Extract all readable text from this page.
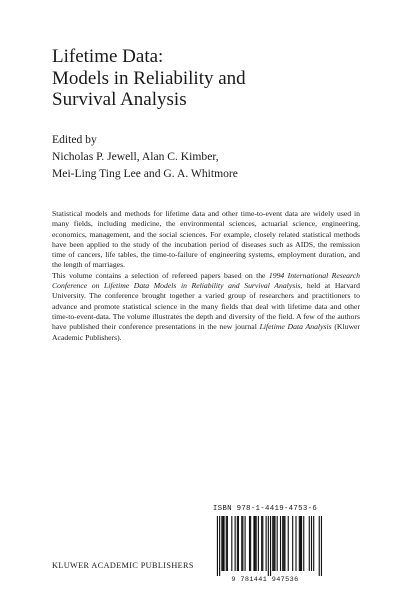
Lifetime Data:
Models in Reliability and
Survival Analysis
Edited by
Nicholas P. Jewell, Alan C. Kimber,
Mei-Ling Ting Lee and G. A. Whitmore

Statistical models and methods for lifetime data and other time-to-event data are widely used in many fields, including medicine, the environmental sciences, actuarial science, engineering, economics, management, and the social sciences. For example, closely related statistical methods have been applied to the study of the incubation period of diseases such as AIDS, the remission time of cancers, life tables, the time-to-failure of engineering systems, employment duration, and the length of marriages.

This volume contains a selection of refereed papers based on the 1994 International Research Conference on Lifetime Data Models in Reliability and Survival Analysis, held at Harvard University. The conference brought together a varied group of researchers and practitioners to advance and promote statistical science in the many fields that deal with lifetime data and other time-to-event-data. The volume illustrates the depth and diversity of the field. A few of the authors have published their conference presentations in the new journal Lifetime Data Analysis (Kluwer Academic Publishers).

ISBN 978-1-4419-4753-6
9 781441 947536
KLUWER ACADEMIC PUBLISHERS
